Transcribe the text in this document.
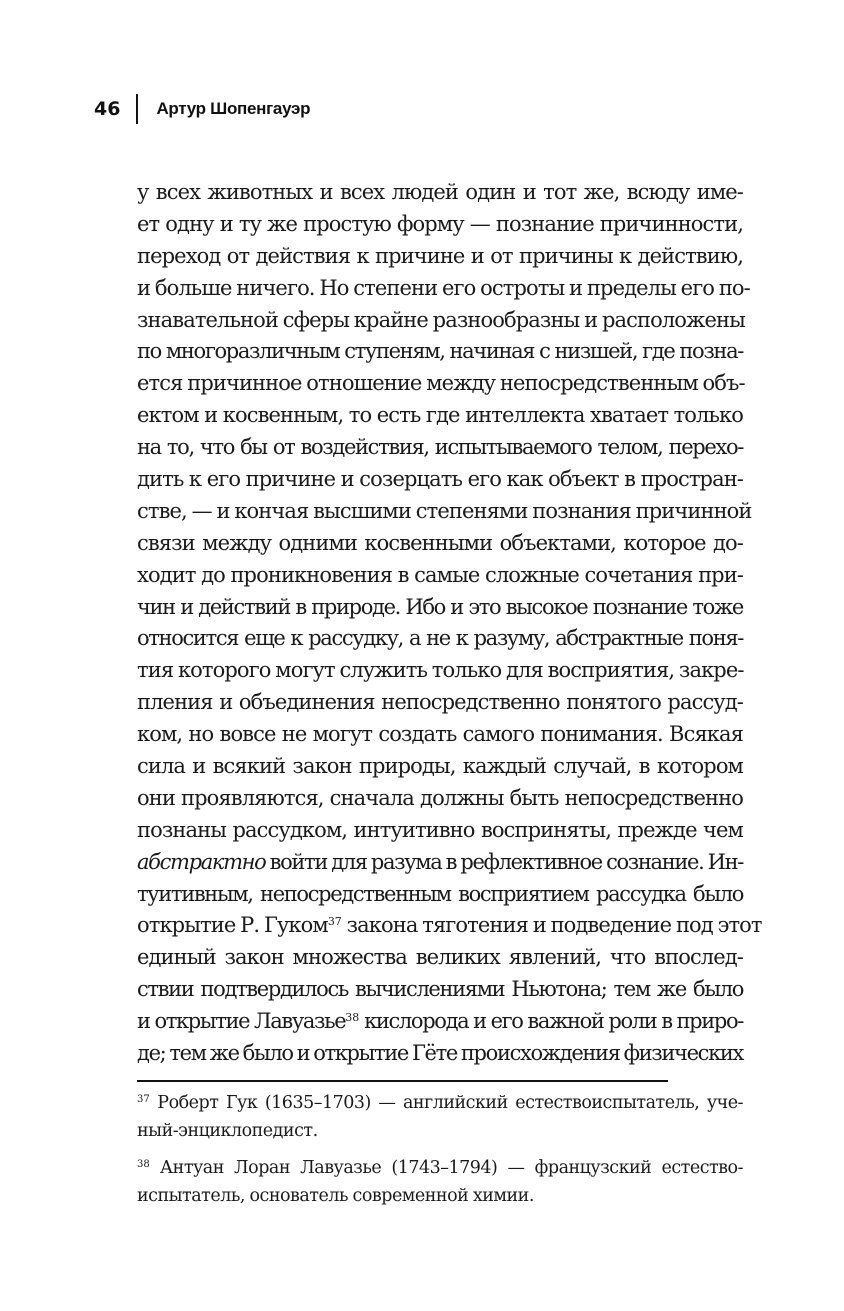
46 Артур Шопенгауэр
у всех животных и всех людей один и тот же, всюду име-
ет одну и ту же простую форму — познание причинности,
переход от действия к причине и от причины к действию,
и больше ничего. Но степени его остроты и пределы его по-
знавательной сферы крайне разнообразны и расположены
по многоразличным ступеням, начиная с низшей, где позна-
ется причинное отношение между непосредственным объ-
ектом и косвенным, то есть где интеллекта хватает только
на то, что бы от воздействия, испытываемого телом, перехо-
дить к его причине и созерцать его как объект в простран-
стве, — и кончая высшими степенями познания причинной
связи между одними косвенными объектами, которое до-
ходит до проникновения в самые сложные сочетания при-
чин и действий в природе. Ибо и это высокое познание тоже
относится еще к рассудку, а не к разуму, абстрактные поня-
тия которого могут служить только для восприятия, закре-
пления и объединения непосредственно понятого рассуд-
ком, но вовсе не могут создать самого понимания. Всякая
сила и всякий закон природы, каждый случай, в котором
они проявляются, сначала должны быть непосредственно
познаны рассудком, интуитивно восприняты, прежде чем
абстрактно войти для разума в рефлективное сознание. Ин-
туитивным, непосредственным восприятием рассудка было
открытие Р. Гуком$^{37}$ закона тяготения и подведение под этот
единый закон множества великих явлений, что впослед-
ствии подтвердилось вычислениями Ньютона; тем же было
и открытие Лавуазье$^{38}$ кислорода и его важной роли в приро-
де; тем же было и открытие Гёте происхождения физических
$^{37}$ Роберт Гук (1635–1703) — английский естествоиспытатель, уче-
ный-энциклопедист.
$^{38}$ Антуан Лоран Лавуазье (1743–1794) — французский естество-
испытатель, основатель современной химии.
